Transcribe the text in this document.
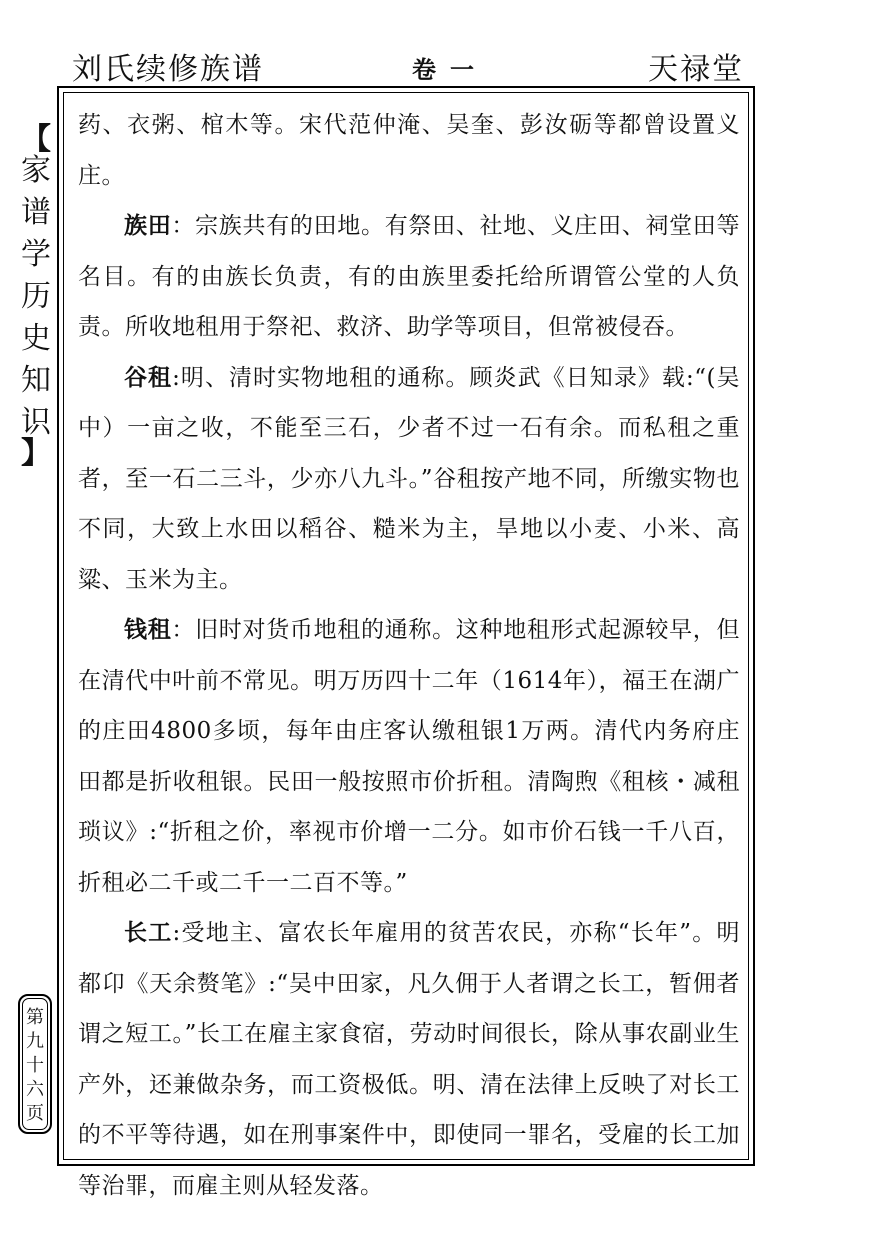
刘氏续修族谱	卷一	天禄堂
【
家
谱
学
历
史
知
识
】
第
九
十
六
页

药、衣粥、棺木等。宋代范仲淹、吴奎、彭汝砺等都曾设置义庄。

族田：宗族共有的田地。有祭田、社地、义庄田、祠堂田等名目。有的由族长负责，有的由族里委托给所谓管公堂的人负责。所收地租用于祭祀、救济、助学等项目，但常被侵吞。

谷租:明、清时实物地租的通称。顾炎武《日知录》载:“(吴中）一亩之收，不能至三石，少者不过一石有余。而私租之重者，至一石二三斗，少亦八九斗。”谷租按产地不同，所缴实物也不同，大致上水田以稻谷、糙米为主，旱地以小麦、小米、高粱、玉米为主。

钱租：旧时对货币地租的通称。这种地租形式起源较早，但在清代中叶前不常见。明万历四十二年（1614年），福王在湖广的庄田4800多顷，每年由庄客认缴租银1万两。清代内务府庄田都是折收租银。民田一般按照市价折租。清陶煦《租核・减租琐议》:“折租之价，率视市价增一二分。如市价石钱一千八百，折租必二千或二千一二百不等。”

长工:受地主、富农长年雇用的贫苦农民，亦称“长年”。明都卬《天余赘笔》:“吴中田家，凡久佣于人者谓之长工，暂佣者谓之短工。”长工在雇主家食宿，劳动时间很长，除从事农副业生产外，还兼做杂务，而工资极低。明、清在法律上反映了对长工的不平等待遇，如在刑事案件中，即使同一罪名，受雇的长工加等治罪，而雇主则从轻发落。
